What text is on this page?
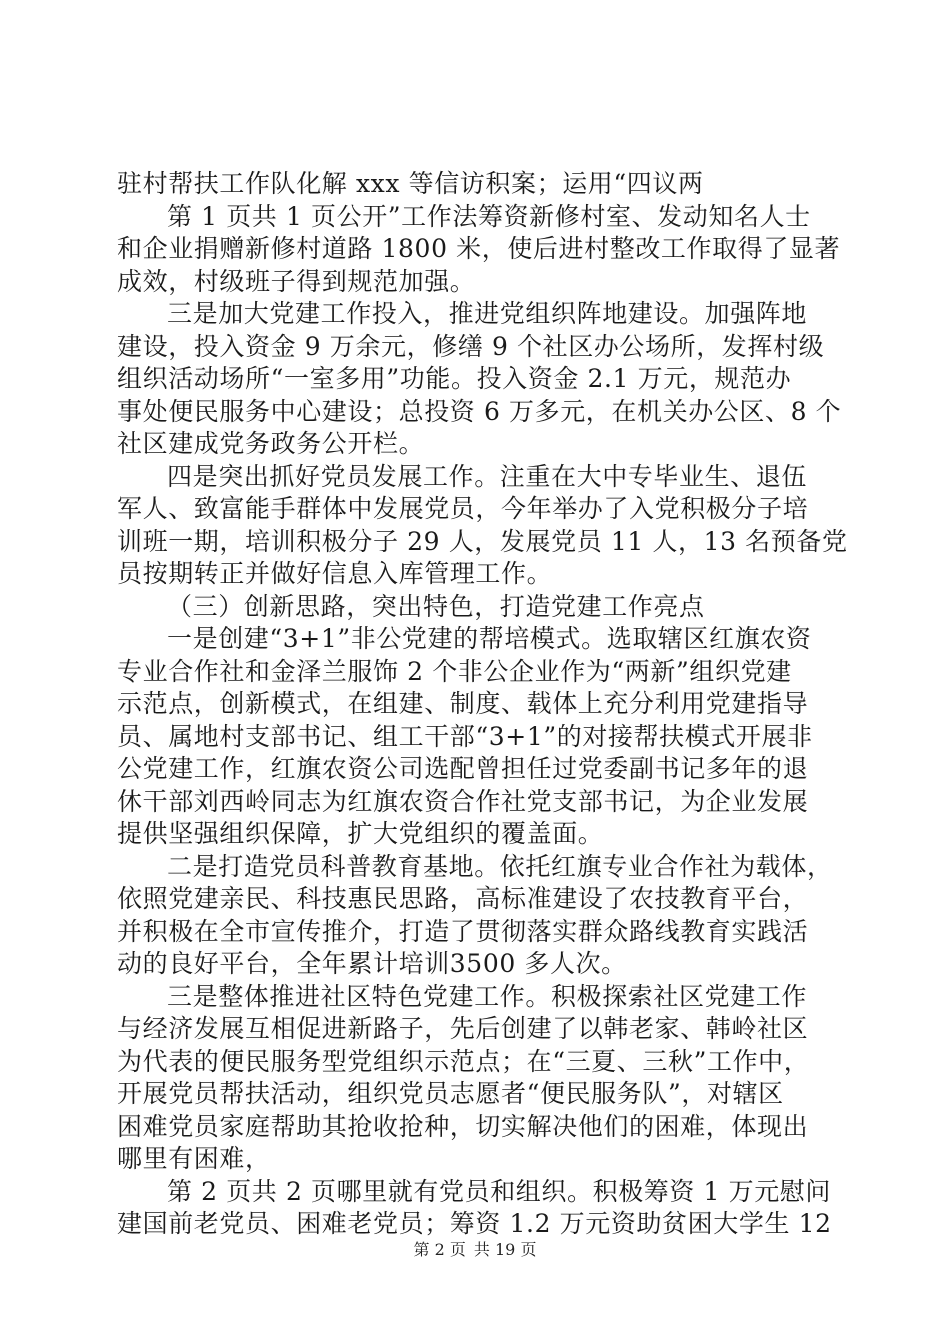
驻村帮扶工作队化解 xxx 等信访积案；运用“四议两
第 1 页共 1 页公开”工作法筹资新修村室、发动知名人士
和企业捐赠新修村道路 1800 米，使后进村整改工作取得了显著
成效，村级班子得到规范加强。
三是加大党建工作投入，推进党组织阵地建设。加强阵地
建设，投入资金 9 万余元，修缮 9 个社区办公场所，发挥村级
组织活动场所“一室多用”功能。投入资金 2.1 万元，规范办
事处便民服务中心建设；总投资 6 万多元，在机关办公区、8 个
社区建成党务政务公开栏。
四是突出抓好党员发展工作。注重在大中专毕业生、退伍
军人、致富能手群体中发展党员，今年举办了入党积极分子培
训班一期，培训积极分子 29 人，发展党员 11 人，13 名预备党
员按期转正并做好信息入库管理工作。
（三）创新思路，突出特色，打造党建工作亮点
一是创建“3+1”非公党建的帮培模式。选取辖区红旗农资
专业合作社和金泽兰服饰 2 个非公企业作为“两新”组织党建
示范点，创新模式，在组建、制度、载体上充分利用党建指导
员、属地村支部书记、组工干部“3+1”的对接帮扶模式开展非
公党建工作，红旗农资公司选配曾担任过党委副书记多年的退
休干部刘西岭同志为红旗农资合作社党支部书记，为企业发展
提供坚强组织保障，扩大党组织的覆盖面。
二是打造党员科普教育基地。依托红旗专业合作社为载体，
依照党建亲民、科技惠民思路，高标准建设了农技教育平台，
并积极在全市宣传推介，打造了贯彻落实群众路线教育实践活
动的良好平台，全年累计培训3500 多人次。
三是整体推进社区特色党建工作。积极探索社区党建工作
与经济发展互相促进新路子，先后创建了以韩老家、韩岭社区
为代表的便民服务型党组织示范点；在“三夏、三秋”工作中，
开展党员帮扶活动，组织党员志愿者“便民服务队”，对辖区
困难党员家庭帮助其抢收抢种，切实解决他们的困难，体现出
哪里有困难，
第 2 页共 2 页哪里就有党员和组织。积极筹资 1 万元慰问
建国前老党员、困难老党员；筹资 1.2 万元资助贫困大学生 12
第 2 页 共 19 页
